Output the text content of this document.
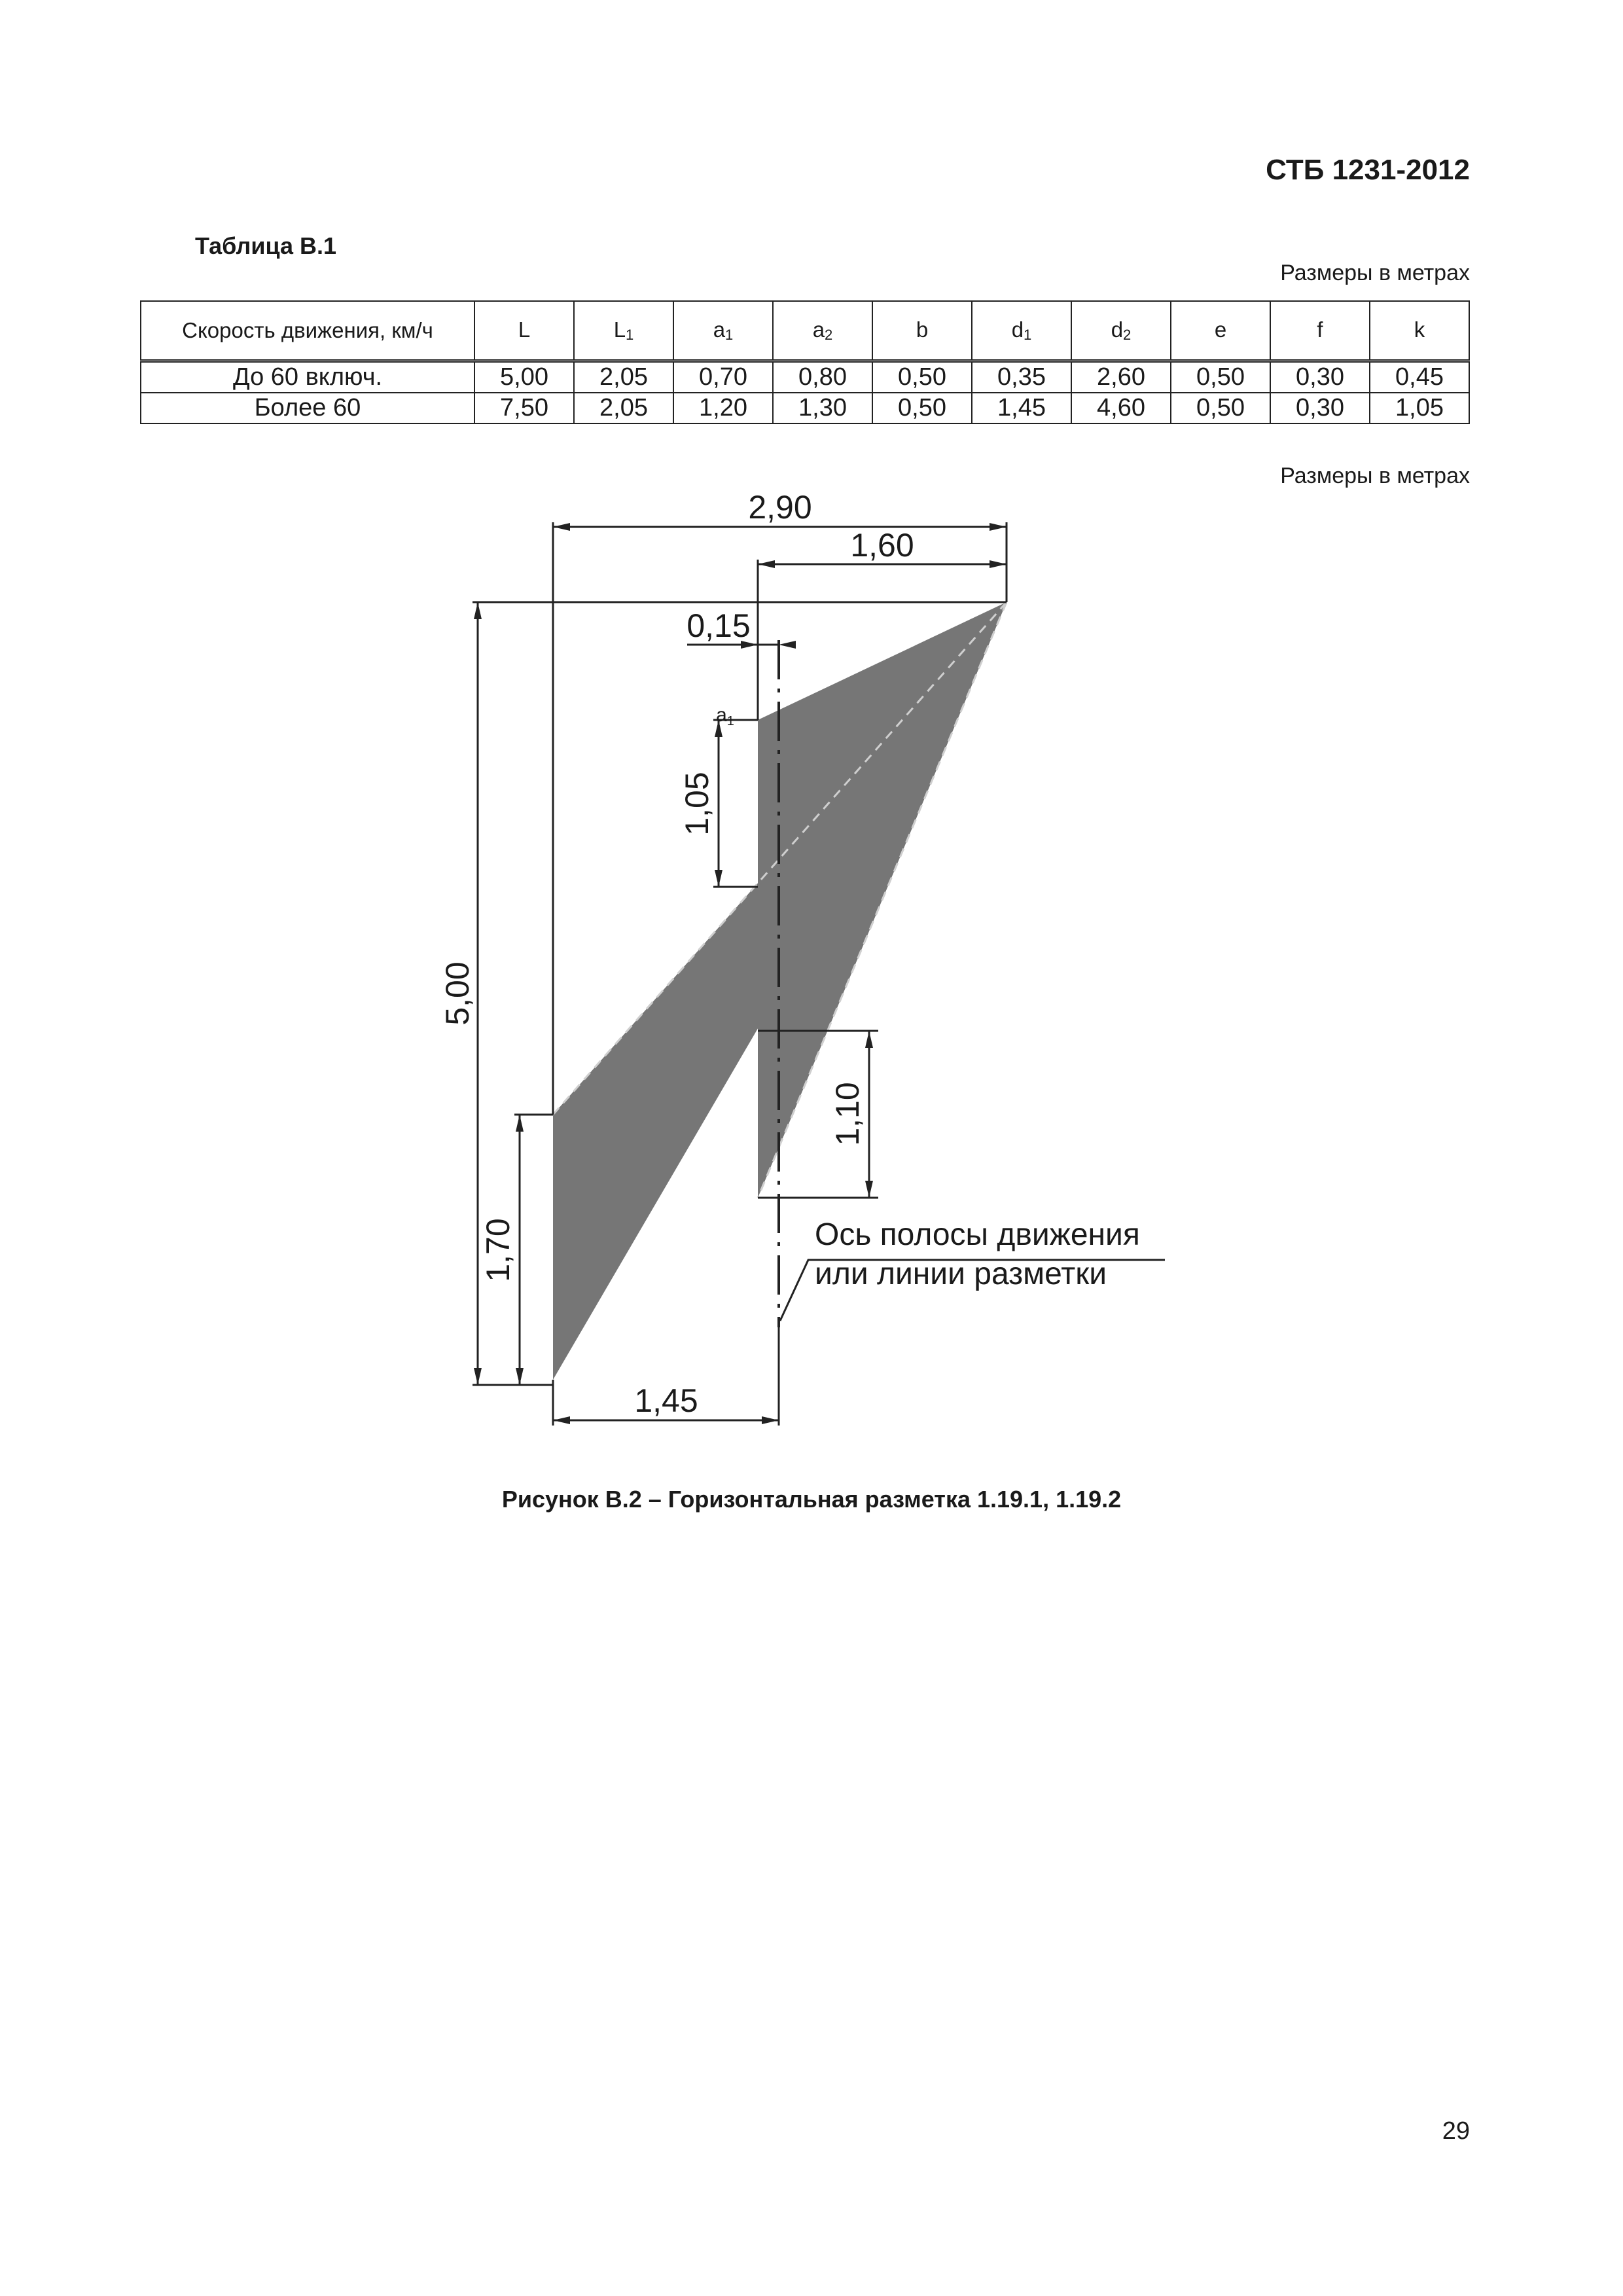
СТБ 1231-2012
Таблица В.1
Размеры в метрах
Скорость движения, км/ч	L	$L_1$	$a_1$	$a_2$	b	$d_1$	$d_2$	e	f	k
До 60 включ.	5,00	2,05	0,70	0,80	0,50	0,35	2,60	0,50	0,30	0,45
Более 60	7,50	2,05	1,20	1,30	0,50	1,45	4,60	0,50	0,30	1,05
Размеры в метрах
2,90
1,60
0,15
1,05
5,00
1,10
1,70
1,45
$a_1$
Ось полосы движения
или линии разметки
Рисунок В.2 – Горизонтальная разметка 1.19.1, 1.19.2
29
